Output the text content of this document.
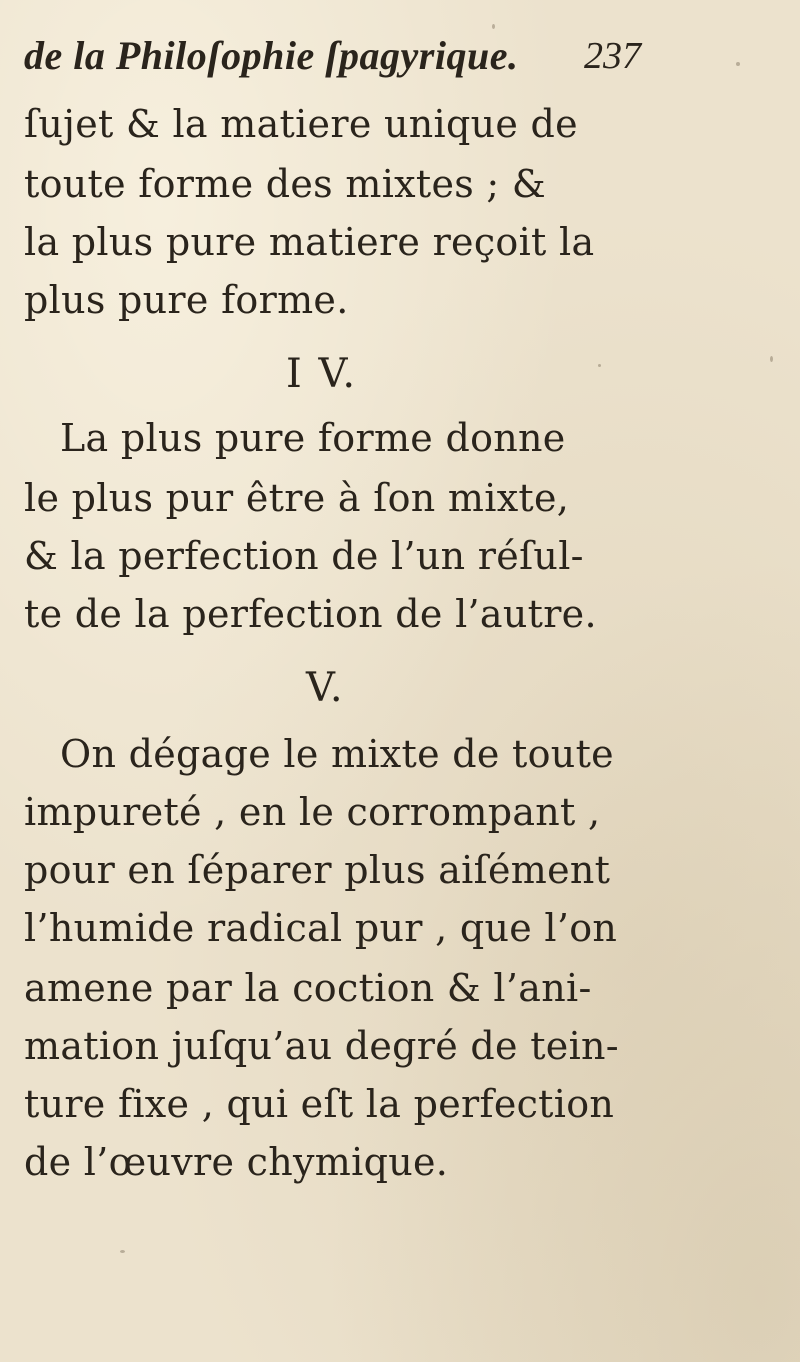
de la Philoſophie ſpagyrique. 237
ſujet & la matiere unique de
toute forme des mixtes ; &
la plus pure matiere reçoit la
plus pure forme.
I V.
La plus pure forme donne
le plus pur être à ſon mixte,
& la perfection de l’un réſul-
te de la perfection de l’autre.
V.
On dégage le mixte de toute
impureté , en le corrompant ,
pour en ſéparer plus aiſément
l’humide radical pur , que l’on
amene par la coction & l’ani-
mation juſqu’au degré de tein-
ture fixe , qui eſt la perfection
de l’œuvre chymique.
